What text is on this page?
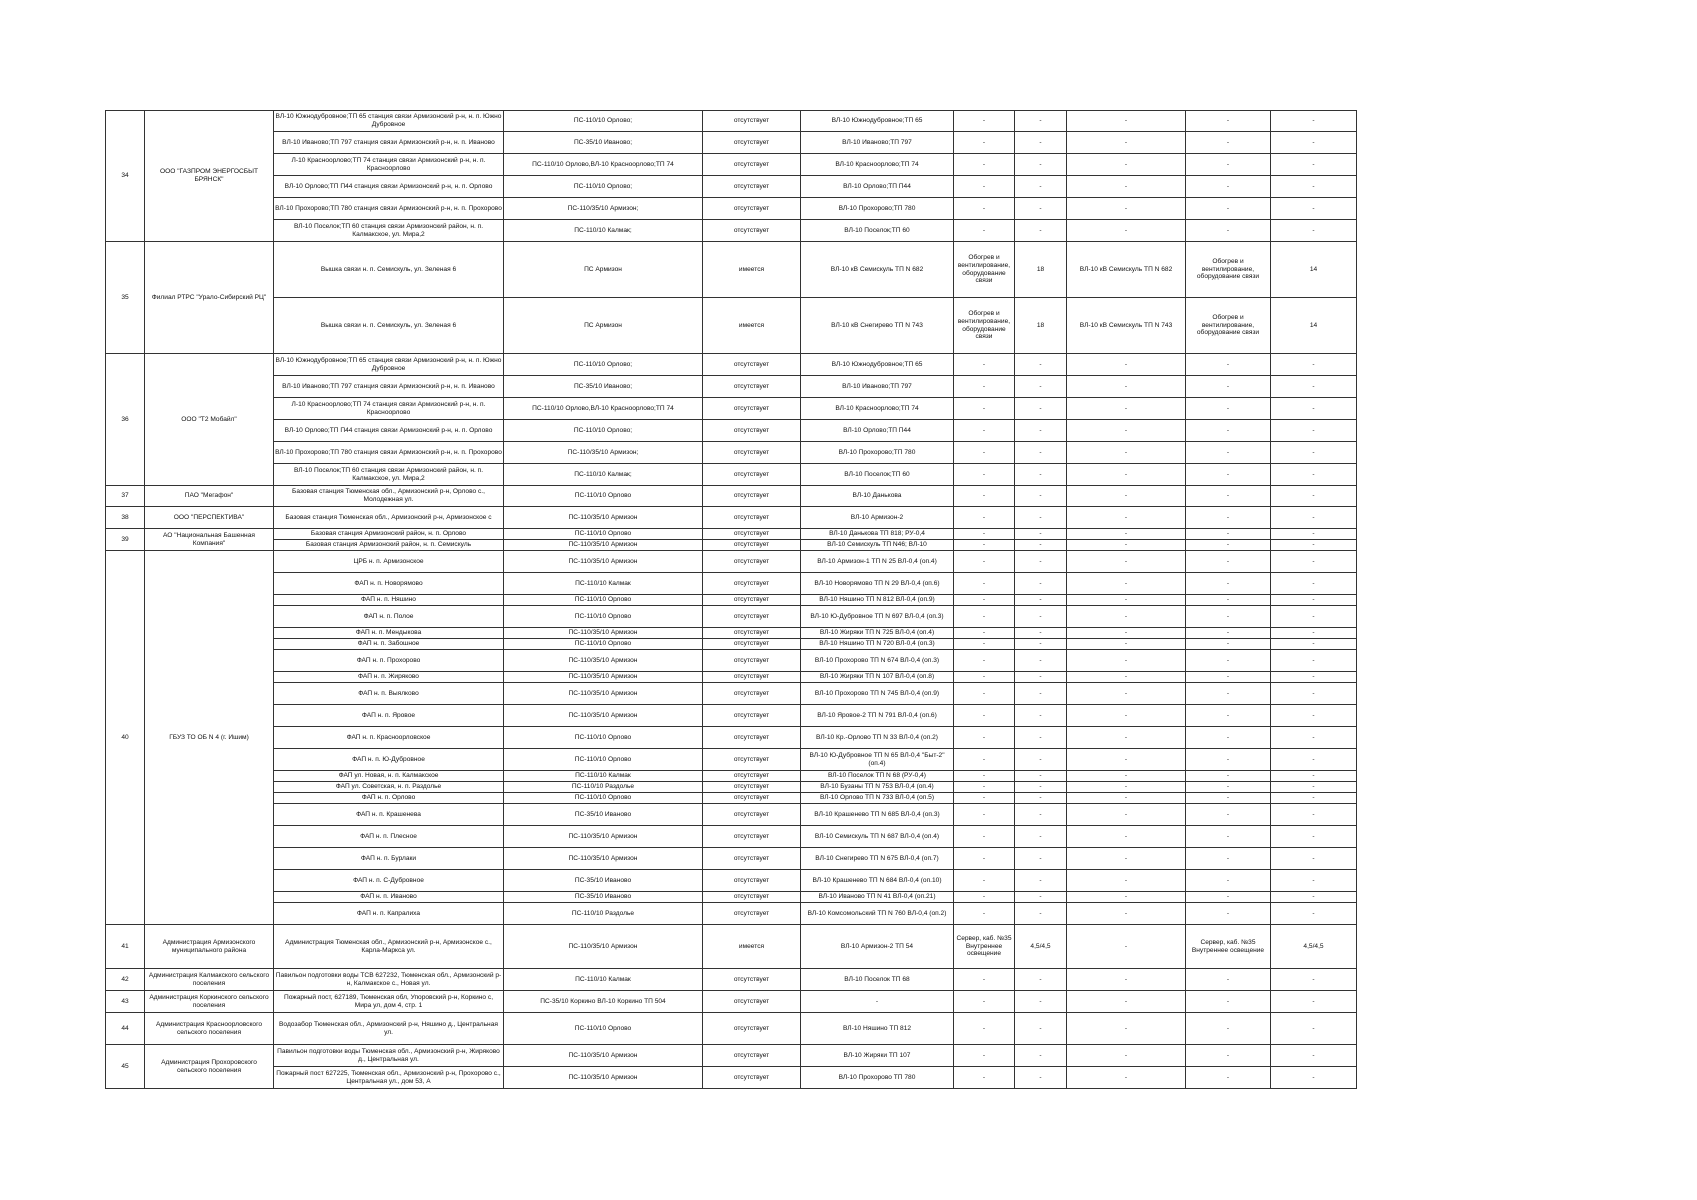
34	ООО "ГАЗПРОМ ЭНЕРГОСБЫТ БРЯНСК"	ВЛ-10 Южнодубровное;ТП 65 станция связи Армизонский р-н, н. п. Южно Дубровное	ПС-110/10 Орлово;	отсутствует	ВЛ-10 Южнодубровное;ТП 65	-	-	-	-	-
		ВЛ-10 Иваново;ТП 797 станция связи Армизонский р-н, н. п. Иваново	ПС-35/10 Иваново;	отсутствует	ВЛ-10 Иваново;ТП 797	-	-	-	-	-
		Л-10 Красноорлово;ТП 74 станция связи Армизонский р-н, н. п. Красноорлово	ПС-110/10 Орлово,ВЛ-10 Красноорлово;ТП 74	отсутствует	ВЛ-10 Красноорлово;ТП 74	-	-	-	-	-
		ВЛ-10 Орлово;ТП П44 станция связи Армизонский р-н, н. п. Орлово	ПС-110/10 Орлово;	отсутствует	ВЛ-10 Орлово;ТП П44	-	-	-	-	-
		ВЛ-10 Прохорово;ТП 780 станция связи Армизонский р-н, н. п. Прохорово	ПС-110/35/10 Армизон;	отсутствует	ВЛ-10 Прохорово;ТП 780	-	-	-	-	-
		ВЛ-10 Поселок;ТП 60 станция связи Армизонский район, н. п. Калмакское, ул. Мира,2	ПС-110/10 Калмак;	отсутствует	ВЛ-10 Поселок;ТП 60	-	-	-	-	-
35	Филиал РТРС "Урало-Сибирский РЦ"	Вышка связи н. п. Семискуль, ул. Зеленая 6	ПС Армизон	имеется	ВЛ-10 кВ Семискуль ТП N 682	Обогрев и вентилирование, оборудование связи	18	ВЛ-10 кВ Семискуль ТП N 682	Обогрев и вентилирование, оборудование связи	14
		Вышка связи н. п. Семискуль, ул. Зеленая 6	ПС Армизон	имеется	ВЛ-10 кВ Снегирево ТП N 743	Обогрев и вентилирование, оборудование связи	18	ВЛ-10 кВ Семискуль ТП N 743	Обогрев и вентилирование, оборудование связи	14
36	ООО "Т2 Мобайл"	ВЛ-10 Южнодубровное;ТП 65 станция связи Армизонский р-н, н. п. Южно Дубровное	ПС-110/10 Орлово;	отсутствует	ВЛ-10 Южнодубровное;ТП 65	-	-	-	-	-
		ВЛ-10 Иваново;ТП 797 станция связи Армизонский р-н, н. п. Иваново	ПС-35/10 Иваново;	отсутствует	ВЛ-10 Иваново;ТП 797	-	-	-	-	-
		Л-10 Красноорлово;ТП 74 станция связи Армизонский р-н, н. п. Красноорлово	ПС-110/10 Орлово,ВЛ-10 Красноорлово;ТП 74	отсутствует	ВЛ-10 Красноорлово;ТП 74	-	-	-	-	-
		ВЛ-10 Орлово;ТП П44 станция связи Армизонский р-н, н. п. Орлово	ПС-110/10 Орлово;	отсутствует	ВЛ-10 Орлово;ТП П44	-	-	-	-	-
		ВЛ-10 Прохорово;ТП 780 станция связи Армизонский р-н, н. п. Прохорово	ПС-110/35/10 Армизон;	отсутствует	ВЛ-10 Прохорово;ТП 780	-	-	-	-	-
		ВЛ-10 Поселок;ТП 60 станция связи Армизонский район, н. п. Калмакское, ул. Мира,2	ПС-110/10 Калмак;	отсутствует	ВЛ-10 Поселок;ТП 60	-	-	-	-	-
37	ПАО "Мегафон"	Базовая станция Тюменская обл., Армизонский р-н, Орлово с., Молодежная ул.	ПС-110/10 Орлово	отсутствует	ВЛ-10 Данькова	-	-	-	-	-
38	ООО "ПЕРСПЕКТИВА"	Базовая станция Тюменская обл., Армизонский р-н, Армизонское с	ПС-110/35/10 Армизон	отсутствует	ВЛ-10 Армизон-2	-	-	-	-	-
39	АО "Национальная Башенная Компания"	Базовая станция Армизонский район, н. п. Орлово	ПС-110/10 Орлово	отсутствует	ВЛ-10 Данькова ТП 818; РУ-0,4	-	-	-	-	-
		Базовая станция Армизонский район, н. п. Семискуль	ПС-110/35/10 Армизон	отсутствует	ВЛ-10 Семискуль ТП N46; ВЛ-10	-	-	-	-	-
40	ГБУЗ ТО ОБ N 4 (г. Ишим)	ЦРБ н. п. Армизонское	ПС-110/35/10 Армизон	отсутствует	ВЛ-10 Армизон-1 ТП N 25 ВЛ-0,4 (оп.4)	-	-	-	-	-
		ФАП н. п. Новорямово	ПС-110/10 Калмак	отсутствует	ВЛ-10 Новорямово ТП N 29 ВЛ-0,4 (оп.6)	-	-	-	-	-
		ФАП н. п. Няшино	ПС-110/10 Орлово	отсутствует	ВЛ-10 Няшино ТП N 812 ВЛ-0,4 (оп.9)	-	-	-	-	-
		ФАП н. п. Полое	ПС-110/10 Орлово	отсутствует	ВЛ-10 Ю-Дубровное ТП N 697 ВЛ-0,4 (оп.3)	-	-	-	-	-
		ФАП н. п. Мендыкова	ПС-110/35/10 Армизон	отсутствует	ВЛ-10 Жиряки ТП N 725 ВЛ-0,4 (оп.4)	-	-	-	-	-
		ФАП н. п. Забошное	ПС-110/10 Орлово	отсутствует	ВЛ-10 Няшино ТП N 720 ВЛ-0,4 (оп.3)	-	-	-	-	-
		ФАП н. п. Прохорово	ПС-110/35/10 Армизон	отсутствует	ВЛ-10 Прохорово ТП N 674 ВЛ-0,4 (оп.3)	-	-	-	-	-
		ФАП н. п. Жиряково	ПС-110/35/10 Армизон	отсутствует	ВЛ-10 Жиряки ТП N 107 ВЛ-0,4 (оп.8)	-	-	-	-	-
		ФАП н. п. Выялково	ПС-110/35/10 Армизон	отсутствует	ВЛ-10 Прохорово ТП N 745 ВЛ-0,4 (оп.9)	-	-	-	-	-
		ФАП н. п. Яровое	ПС-110/35/10 Армизон	отсутствует	ВЛ-10 Яровое-2 ТП N 791 ВЛ-0,4 (оп.6)	-	-	-	-	-
		ФАП н. п. Красноорловское	ПС-110/10 Орлово	отсутствует	ВЛ-10 Кр.-Орлово ТП N 33 ВЛ-0,4 (оп.2)	-	-	-	-	-
		ФАП н. п. Ю-Дубровное	ПС-110/10 Орлово	отсутствует	ВЛ-10 Ю-Дубровное ТП N 65 ВЛ-0,4 "Быт-2" (оп.4)	-	-	-	-	-
		ФАП ул. Новая, н. п. Калмакское	ПС-110/10 Калмак	отсутствует	ВЛ-10 Поселок ТП N 68 (РУ-0,4)	-	-	-	-	-
		ФАП ул. Советская, н. п. Раздолье	ПС-110/10 Раздолье	отсутствует	ВЛ-10 Бузаны ТП N 753 ВЛ-0,4 (оп.4)	-	-	-	-	-
		ФАП н. п. Орлово	ПС-110/10 Орлово	отсутствует	ВЛ-10 Орлово ТП N 733 ВЛ-0,4 (оп.5)	-	-	-	-	-
		ФАП н. п. Крашенева	ПС-35/10 Иваново	отсутствует	ВЛ-10 Крашенево ТП N 685 ВЛ-0,4 (оп.3)	-	-	-	-	-
		ФАП н. п. Плесное	ПС-110/35/10 Армизон	отсутствует	ВЛ-10 Семискуль ТП N 687 ВЛ-0,4 (оп.4)	-	-	-	-	-
		ФАП н. п. Бурлаки	ПС-110/35/10 Армизон	отсутствует	ВЛ-10 Снегирево ТП N 675 ВЛ-0,4 (оп.7)	-	-	-	-	-
		ФАП н. п. С-Дубровное	ПС-35/10 Иваново	отсутствует	ВЛ-10 Крашенево ТП N 684 ВЛ-0,4 (оп.10)	-	-	-	-	-
		ФАП н. п. Иваново	ПС-35/10 Иваново	отсутствует	ВЛ-10 Иваново ТП N 41 ВЛ-0,4 (оп.21)	-	-	-	-	-
		ФАП н. п. Капралиха	ПС-110/10 Раздолье	отсутствует	ВЛ-10 Комсомольский ТП N 760 ВЛ-0,4 (оп.2)	-	-	-	-	-
41	Администрация Армизонского муниципального района	Администрация Тюменская обл., Армизонский р-н, Армизонское с., Карла-Маркса ул.	ПС-110/35/10 Армизон	имеется	ВЛ-10 Армизон-2 ТП 54	Сервер, каб. №35 Внутреннее освещение	4,5/4,5	-	Сервер, каб. №35 Внутреннее освещение	4,5/4,5
42	Администрация Калмакского сельского поселения	Павильон подготовки воды ТСВ 627232, Тюменская обл., Армизонский р-н, Калмакское с., Новая ул.	ПС-110/10 Калмак	отсутствует	ВЛ-10 Поселок ТП 68	-	-	-	-	-
43	Администрация Коркинского сельского поселения	Пожарный пост, 627189, Тюменская обл, Упоровский р-н, Коркино с, Мира ул, дом 4, стр. 1	ПС-35/10 Коркино ВЛ-10 Коркино ТП 504	отсутствует	-	-	-	-	-	-
44	Администрация Красноорловского сельского поселения	Водозабор Тюменская обл., Армизонский р-н, Няшино д., Центральная ул.	ПС-110/10 Орлово	отсутствует	ВЛ-10 Няшино ТП 812	-	-	-	-	-
45	Администрация Прохоровского сельского поселения	Павильон подготовки воды Тюменская обл., Армизонский р-н, Жиряково д., Центральная ул.	ПС-110/35/10 Армизон	отсутствует	ВЛ-10 Жиряки ТП 107	-	-	-	-	-
		Пожарный пост 627225, Тюменская обл., Армизонский р-н, Прохорово с., Центральная ул., дом 53, А	ПС-110/35/10 Армизон	отсутствует	ВЛ-10 Прохорово ТП 780	-	-	-	-	-
